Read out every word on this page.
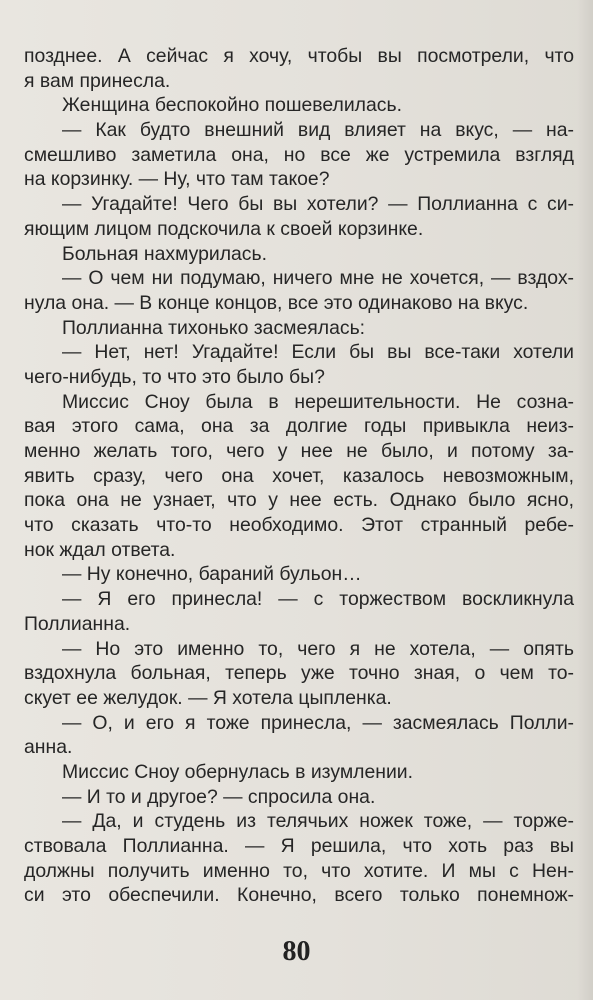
позднее. А сейчас я хочу, чтобы вы посмотрели, что
я вам принесла.
Женщина беспокойно пошевелилась.
— Как будто внешний вид влияет на вкус, — на-
смешливо заметила она, но все же устремила взгляд
на корзинку. — Ну, что там такое?
— Угадайте! Чего бы вы хотели? — Поллианна с си-
яющим лицом подскочила к своей корзинке.
Больная нахмурилась.
— О чем ни подумаю, ничего мне не хочется, — вздох-
нула она. — В конце концов, все это одинаково на вкус.
Поллианна тихонько засмеялась:
— Нет, нет! Угадайте! Если бы вы все-таки хотели
чего-нибудь, то что это было бы?
Миссис Сноу была в нерешительности. Не созна-
вая этого сама, она за долгие годы привыкла неиз-
менно желать того, чего у нее не было, и потому за-
явить сразу, чего она хочет, казалось невозможным,
пока она не узнает, что у нее есть. Однако было ясно,
что сказать что-то необходимо. Этот странный ребе-
нок ждал ответа.
— Ну конечно, бараний бульон…
— Я его принесла! — с торжеством воскликнула
Поллианна.
— Но это именно то, чего я не хотела, — опять
вздохнула больная, теперь уже точно зная, о чем то-
скует ее желудок. — Я хотела цыпленка.
— О, и его я тоже принесла, — засмеялась Полли-
анна.
Миссис Сноу обернулась в изумлении.
— И то и другое? — спросила она.
— Да, и студень из телячьих ножек тоже, — торже-
ствовала Поллианна. — Я решила, что хоть раз вы
должны получить именно то, что хотите. И мы с Нен-
си это обеспечили. Конечно, всего только понемнож-
80
